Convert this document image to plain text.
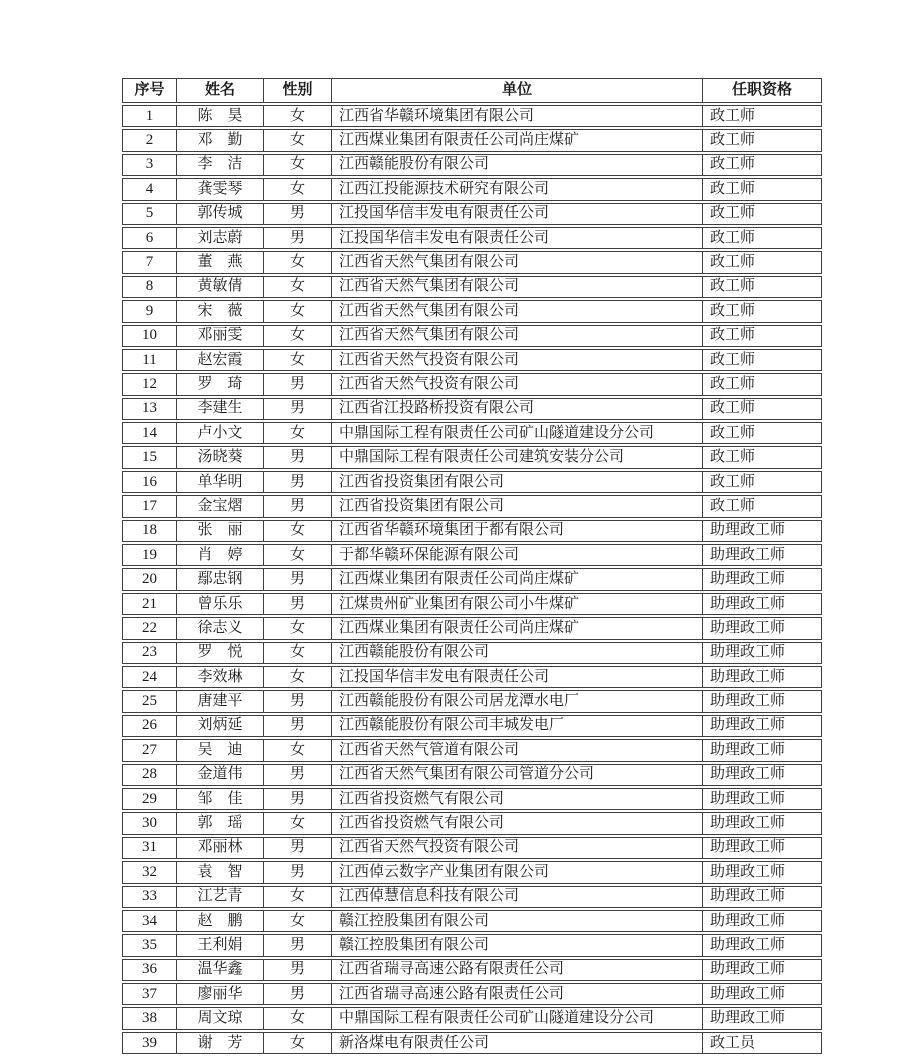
序号	姓名	性别	单位	任职资格
1	陈　昊	女	江西省华赣环境集团有限公司	政工师
2	邓　勤	女	江西煤业集团有限责任公司尚庄煤矿	政工师
3	李　洁	女	江西赣能股份有限公司	政工师
4	龚雯琴	女	江西江投能源技术研究有限公司	政工师
5	郭传城	男	江投国华信丰发电有限责任公司	政工师
6	刘志蔚	男	江投国华信丰发电有限责任公司	政工师
7	董　燕	女	江西省天然气集团有限公司	政工师
8	黄敏倩	女	江西省天然气集团有限公司	政工师
9	宋　薇	女	江西省天然气集团有限公司	政工师
10	邓丽雯	女	江西省天然气集团有限公司	政工师
11	赵宏霞	女	江西省天然气投资有限公司	政工师
12	罗　琦	男	江西省天然气投资有限公司	政工师
13	李建生	男	江西省江投路桥投资有限公司	政工师
14	卢小文	女	中鼎国际工程有限责任公司矿山隧道建设分公司	政工师
15	汤晓葵	男	中鼎国际工程有限责任公司建筑安装分公司	政工师
16	单华明	男	江西省投资集团有限公司	政工师
17	金宝熠	男	江西省投资集团有限公司	政工师
18	张　丽	女	江西省华赣环境集团于都有限公司	助理政工师
19	肖　婷	女	于都华赣环保能源有限公司	助理政工师
20	鄢忠钢	男	江西煤业集团有限责任公司尚庄煤矿	助理政工师
21	曾乐乐	男	江煤贵州矿业集团有限公司小牛煤矿	助理政工师
22	徐志义	女	江西煤业集团有限责任公司尚庄煤矿	助理政工师
23	罗　悦	女	江西赣能股份有限公司	助理政工师
24	李效琳	女	江投国华信丰发电有限责任公司	助理政工师
25	唐建平	男	江西赣能股份有限公司居龙潭水电厂	助理政工师
26	刘炳延	男	江西赣能股份有限公司丰城发电厂	助理政工师
27	吴　迪	女	江西省天然气管道有限公司	助理政工师
28	金道伟	男	江西省天然气集团有限公司管道分公司	助理政工师
29	邹　佳	男	江西省投资燃气有限公司	助理政工师
30	郭　瑶	女	江西省投资燃气有限公司	助理政工师
31	邓丽林	男	江西省天然气投资有限公司	助理政工师
32	袁　智	男	江西倬云数字产业集团有限公司	助理政工师
33	江艺青	女	江西倬慧信息科技有限公司	助理政工师
34	赵　鹏	女	赣江控股集团有限公司	助理政工师
35	王利娟	男	赣江控股集团有限公司	助理政工师
36	温华鑫	男	江西省瑞寻高速公路有限责任公司	助理政工师
37	廖丽华	男	江西省瑞寻高速公路有限责任公司	助理政工师
38	周文琼	女	中鼎国际工程有限责任公司矿山隧道建设分公司	助理政工师
39	谢　芳	女	新洛煤电有限责任公司	政工员
